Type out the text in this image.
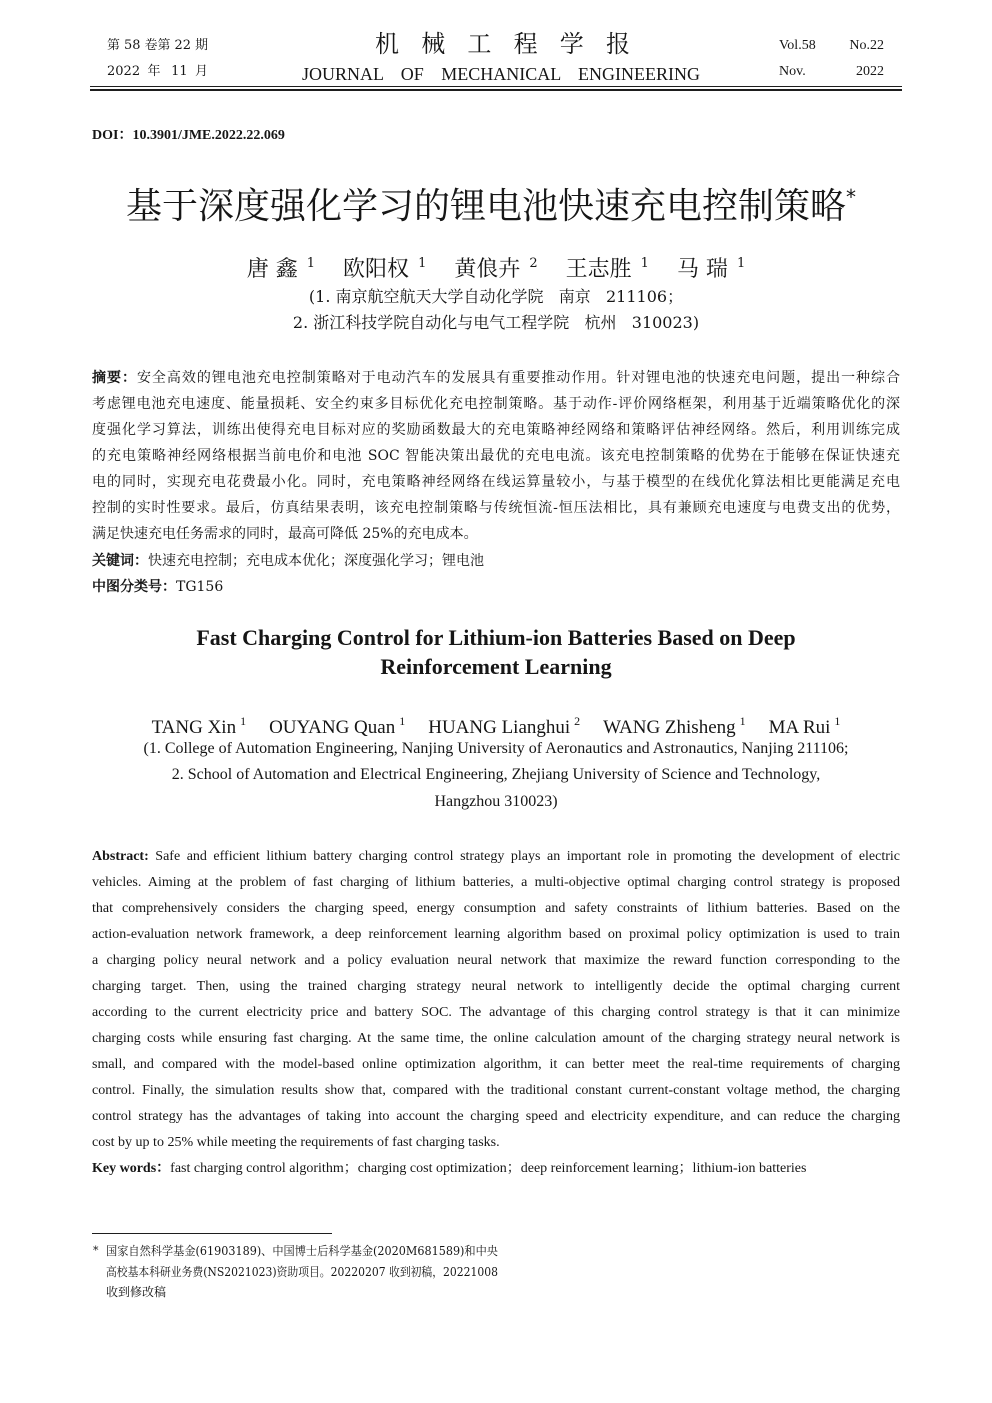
第 58 卷第 22 期
2022 年 11 月
机 械 工 程 学 报
JOURNAL OF MECHANICAL ENGINEERING
Vol.58 No.22
Nov.	2022
DOI：10.3901/JME.2022.22.069
基于深度强化学习的锂电池快速充电控制策略*
唐 鑫 $^1$ 欧阳权 $^1$ 黄俍卉 $^2$ 王志胜 $^1$ 马 瑞 $^1$
(1. 南京航空航天大学自动化学院   南京   211106；
2. 浙江科技学院自动化与电气工程学院   杭州   310023)
摘要：安全高效的锂电池充电控制策略对于电动汽车的发展具有重要推动作用。针对锂电池的快速充电问题，提出一种综合
考虑锂电池充电速度、能量损耗、安全约束多目标优化充电控制策略。基于动作-评价网络框架，利用基于近端策略优化的深
度强化学习算法，训练出使得充电目标对应的奖励函数最大的充电策略神经网络和策略评估神经网络。然后，利用训练完成
的充电策略神经网络根据当前电价和电池 SOC 智能决策出最优的充电电流。该充电控制策略的优势在于能够在保证快速充
电的同时，实现充电花费最小化。同时，充电策略神经网络在线运算量较小，与基于模型的在线优化算法相比更能满足充电
控制的实时性要求。最后，仿真结果表明，该充电控制策略与传统恒流-恒压法相比，具有兼顾充电速度与电费支出的优势，
满足快速充电任务需求的同时，最高可降低 25%的充电成本。
关键词：快速充电控制；充电成本优化；深度强化学习；锂电池
中图分类号：TG156
Fast Charging Control for Lithium-ion Batteries Based on Deep
Reinforcement Learning
TANG Xin $^1$ OUYANG Quan $^1$ HUANG Lianghui $^2$ WANG Zhisheng $^1$ MA Rui $^1$
(1. College of Automation Engineering, Nanjing University of Aeronautics and Astronautics, Nanjing 211106;
2. School of Automation and Electrical Engineering, Zhejiang University of Science and Technology,
Hangzhou 310023)
Abstract: Safe and efficient lithium battery charging control strategy plays an important role in promoting the development of electric
vehicles. Aiming at the problem of fast charging of lithium batteries, a multi-objective optimal charging control strategy is proposed
that comprehensively considers the charging speed, energy consumption and safety constraints of lithium batteries. Based on the
action-evaluation network framework, a deep reinforcement learning algorithm based on proximal policy optimization is used to train
a charging policy neural network and a policy evaluation neural network that maximize the reward function corresponding to the
charging target. Then, using the trained charging strategy neural network to intelligently decide the optimal charging current
according to the current electricity price and battery SOC. The advantage of this charging control strategy is that it can minimize
charging costs while ensuring fast charging. At the same time, the online calculation amount of the charging strategy neural network is
small, and compared with the model-based online optimization algorithm, it can better meet the real-time requirements of charging
control. Finally, the simulation results show that, compared with the traditional constant current-constant voltage method, the charging
control strategy has the advantages of taking into account the charging speed and electricity expenditure, and can reduce the charging
cost by up to 25% while meeting the requirements of fast charging tasks.
Key words：fast charging control algorithm；charging cost optimization；deep reinforcement learning；lithium-ion batteries
* 国家自然科学基金(61903189)、中国博士后科学基金(2020M681589)和中央
高校基本科研业务费(NS2021023)资助项目。20220207 收到初稿，20221008
收到修改稿
